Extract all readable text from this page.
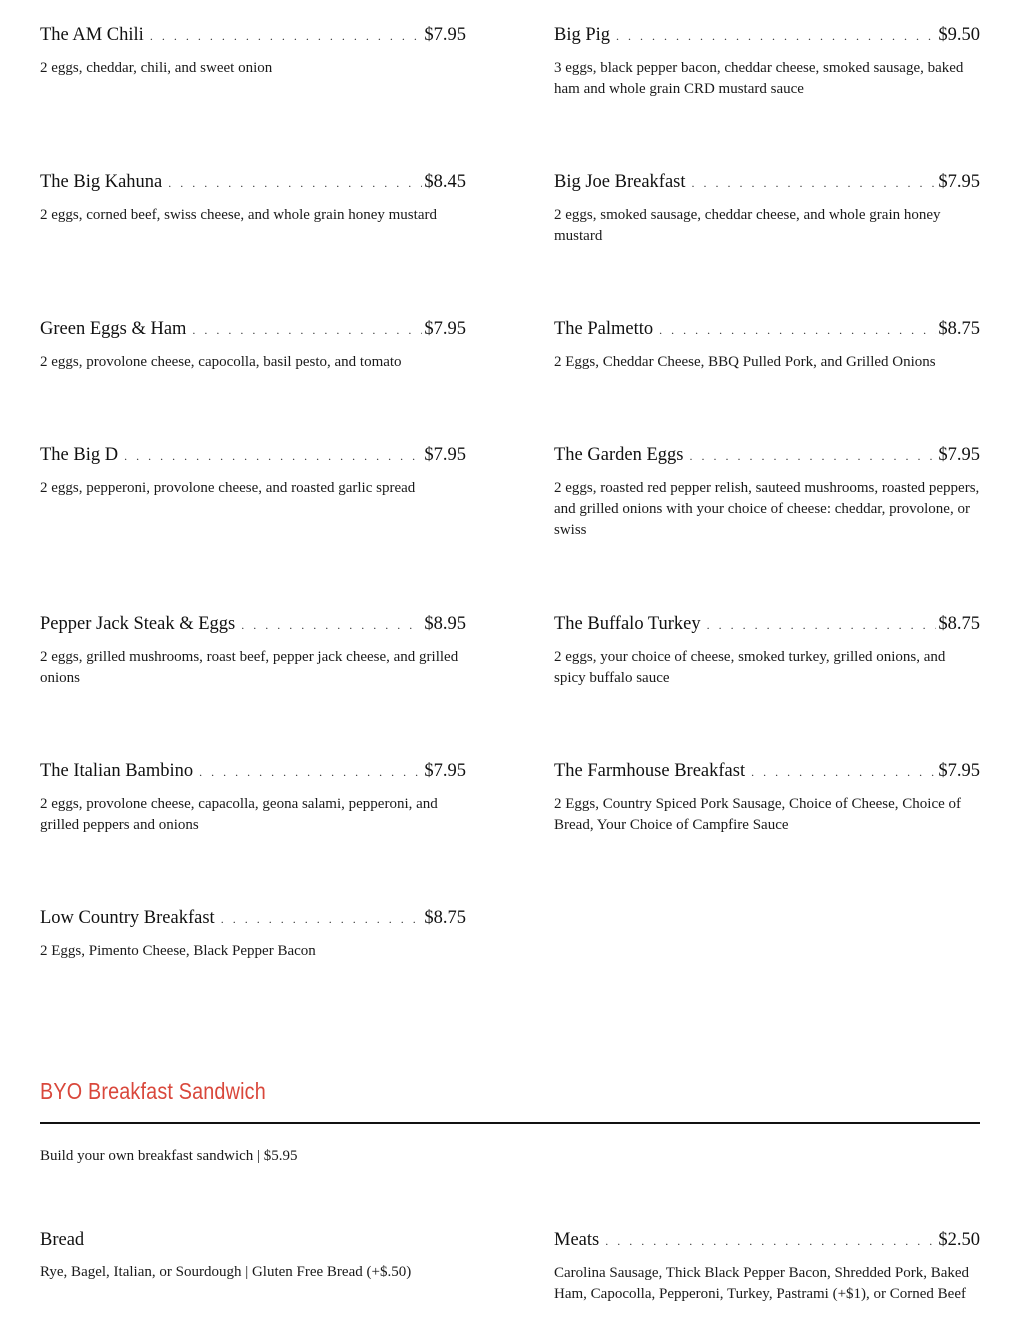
The AM Chili . . .	$7.95
2 eggs, cheddar, chili, and sweet onion
Big Pig . . .	$9.50
3 eggs, black pepper bacon, cheddar cheese, smoked sausage, baked ham and whole grain CRD mustard sauce
The Big Kahuna . . .	$8.45
2 eggs, corned beef, swiss cheese, and whole grain honey mustard
Big Joe Breakfast . . .	$7.95
2 eggs, smoked sausage, cheddar cheese, and whole grain honey mustard
Green Eggs & Ham . . .	$7.95
2 eggs, provolone cheese, capocolla, basil pesto, and tomato
The Palmetto . . .	$8.75
2 Eggs, Cheddar Cheese, BBQ Pulled Pork, and Grilled Onions
The Big D . . .	$7.95
2 eggs, pepperoni, provolone cheese, and roasted garlic spread
The Garden Eggs . . .	$7.95
2 eggs, roasted red pepper relish, sauteed mushrooms, roasted peppers, and grilled onions with your choice of cheese: cheddar, provolone, or swiss
Pepper Jack Steak & Eggs . . .	$8.95
2 eggs, grilled mushrooms, roast beef, pepper jack cheese, and grilled onions
The Buffalo Turkey . . .	$8.75
2 eggs, your choice of cheese, smoked turkey, grilled onions, and spicy buffalo sauce
The Italian Bambino . . .	$7.95
2 eggs, provolone cheese, capacolla, geona salami, pepperoni, and grilled peppers and onions
The Farmhouse Breakfast . . .	$7.95
2 Eggs, Country Spiced Pork Sausage, Choice of Cheese, Choice of Bread, Your Choice of Campfire Sauce
Low Country Breakfast . . .	$8.75
2 Eggs, Pimento Cheese, Black Pepper Bacon
BYO Breakfast Sandwich
Build your own breakfast sandwich | $5.95
Bread
Rye, Bagel, Italian, or Sourdough | Gluten Free Bread (+$.50)
Meats . . .	$2.50
Carolina Sausage, Thick Black Pepper Bacon, Shredded Pork, Baked Ham, Capocolla, Pepperoni, Turkey, Pastrami (+$1), or Corned Beef
